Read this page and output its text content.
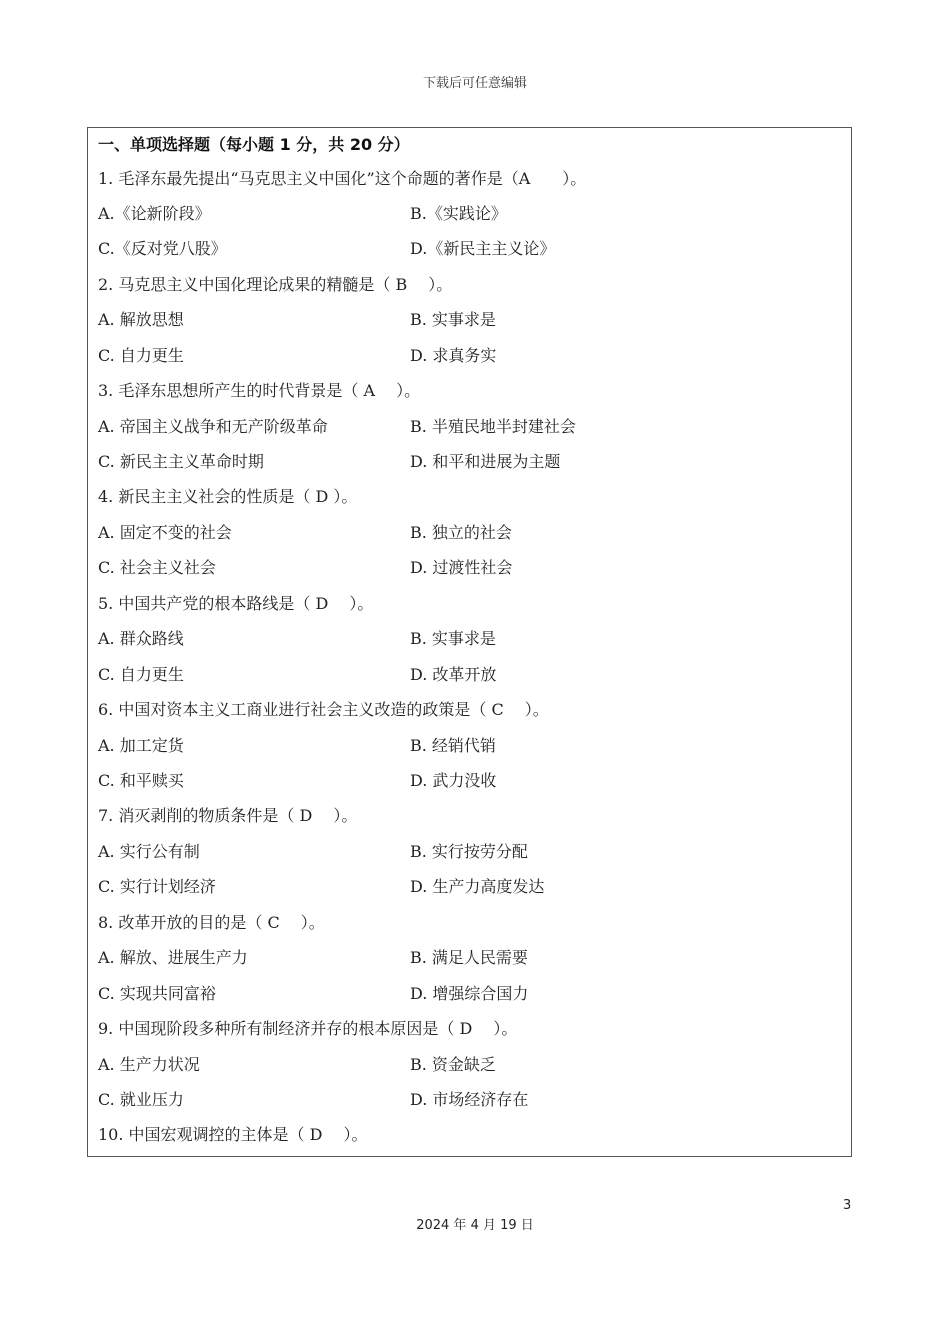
下载后可任意编辑
一、单项选择题（每小题 1 分，共 20 分）
1. 毛泽东最先提出“马克思主义中国化”这个命题的著作是（A　　）。
A.《论新阶段》	B.《实践论》
C.《反对党八股》	D.《新民主主义论》
2. 马克思主义中国化理论成果的精髓是（ B　 ）。
A. 解放思想	B. 实事求是
C. 自力更生	D. 求真务实
3. 毛泽东思想所产生的时代背景是（ A　 ）。
A. 帝国主义战争和无产阶级革命	B. 半殖民地半封建社会
C. 新民主主义革命时期	D. 和平和进展为主题
4. 新民主主义社会的性质是（ D ）。
A. 固定不变的社会	B. 独立的社会
C. 社会主义社会	D. 过渡性社会
5. 中国共产党的根本路线是（ D　 ）。
A. 群众路线	B. 实事求是
C. 自力更生	D. 改革开放
6. 中国对资本主义工商业进行社会主义改造的政策是（ C　 ）。
A. 加工定货	B. 经销代销
C. 和平赎买	D. 武力没收
7. 消灭剥削的物质条件是（ D　 ）。
A. 实行公有制	B. 实行按劳分配
C. 实行计划经济	D. 生产力高度发达
8. 改革开放的目的是（ C　 ）。
A. 解放、进展生产力	B. 满足人民需要
C. 实现共同富裕	D. 增强综合国力
9. 中国现阶段多种所有制经济并存的根本原因是（ D　 ）。
A. 生产力状况	B. 资金缺乏
C. 就业压力	D. 市场经济存在
10. 中国宏观调控的主体是（ D　 ）。
3
2024 年 4 月 19 日
